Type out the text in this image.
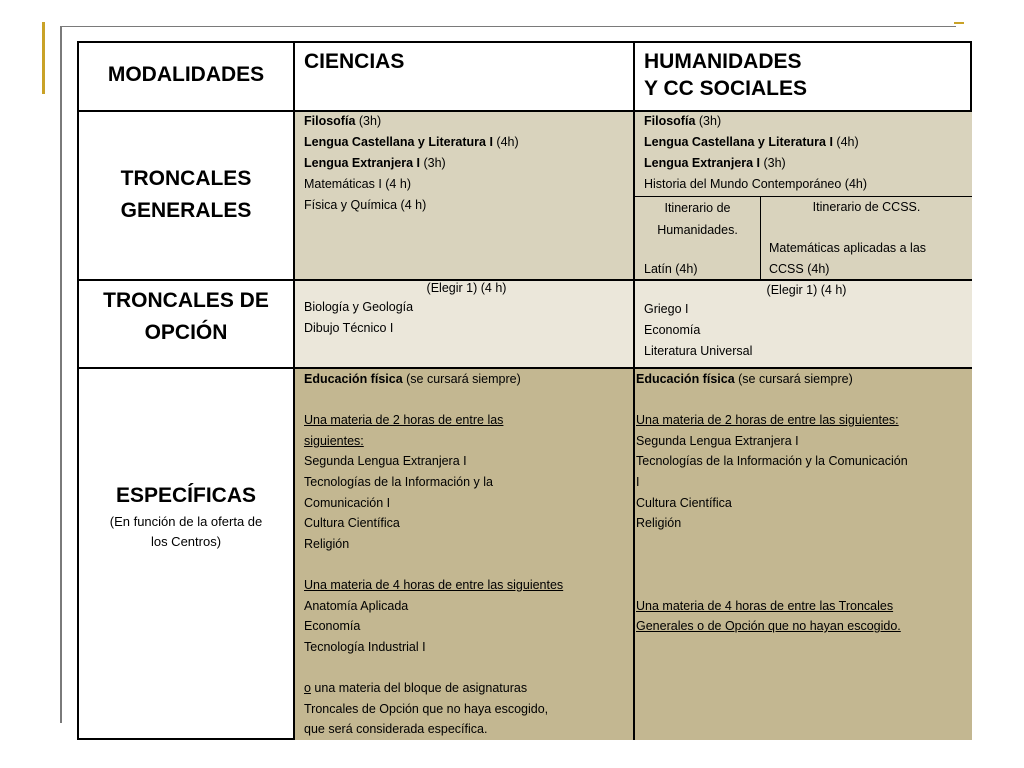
MODALIDADES
CIENCIAS	HUMANIDADES
Y CC SOCIALES
TRONCALES
GENERALES
Filosofía (3h)
Lengua Castellana y Literatura I (4h)
Lengua Extranjera I (3h)
Matemáticas I (4 h)
Física y Química (4 h)
Filosofía (3h)
Lengua Castellana y Literatura I (4h)
Lengua Extranjera I (3h)
Historia del Mundo Contemporáneo (4h)
Itinerario de
Humanidades.
Latín (4h)
Itinerario de CCSS.
Matemáticas aplicadas a las
CCSS (4h)
TRONCALES DE
OPCIÓN
(Elegir 1) (4 h)
Biología y Geología
Dibujo Técnico I
(Elegir 1) (4 h)
Griego I
Economía
Literatura Universal
ESPECÍFICAS
(En función de la oferta de
los Centros)
Educación física (se cursará siempre)

Una materia de 2 horas de entre las
siguientes:
Segunda Lengua Extranjera I
Tecnologías de la Información y la
Comunicación I
Cultura Científica
Religión

Una materia de 4 horas de entre las siguientes
Anatomía Aplicada
Economía
Tecnología Industrial I

o una materia del bloque de asignaturas
Troncales de Opción que no haya escogido,
que será considerada específica.
Educación física (se cursará siempre)

Una materia de 2 horas de entre las siguientes:
Segunda Lengua Extranjera I
Tecnologías de la Información y la Comunicación
I
Cultura Científica
Religión

Una materia de 4 horas de entre las Troncales
Generales o de Opción que no hayan escogido.
